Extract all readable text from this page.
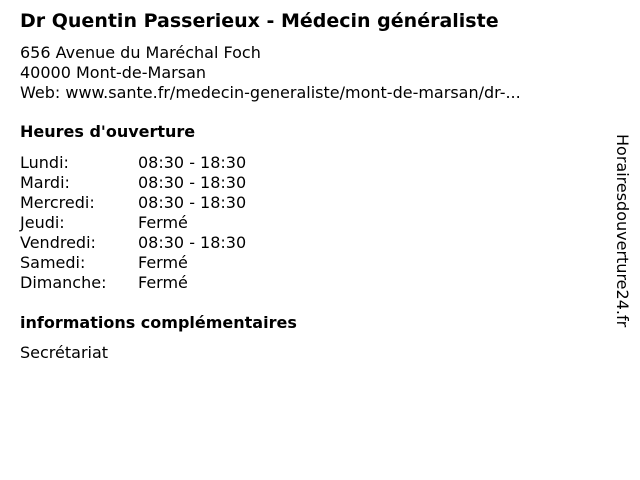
Dr Quentin Passerieux - Médecin généraliste
656 Avenue du Maréchal Foch
40000 Mont-de-Marsan
Web: www.sante.fr/medecin-generaliste/mont-de-marsan/dr-...
Heures d'ouverture
Lundi:	08:30 - 18:30
Mardi:	08:30 - 18:30
Mercredi:	08:30 - 18:30
Jeudi:	Fermé
Vendredi:	08:30 - 18:30
Samedi:	Fermé
Dimanche:	Fermé
informations complémentaires
Secrétariat
Horairesdouverture24.fr
